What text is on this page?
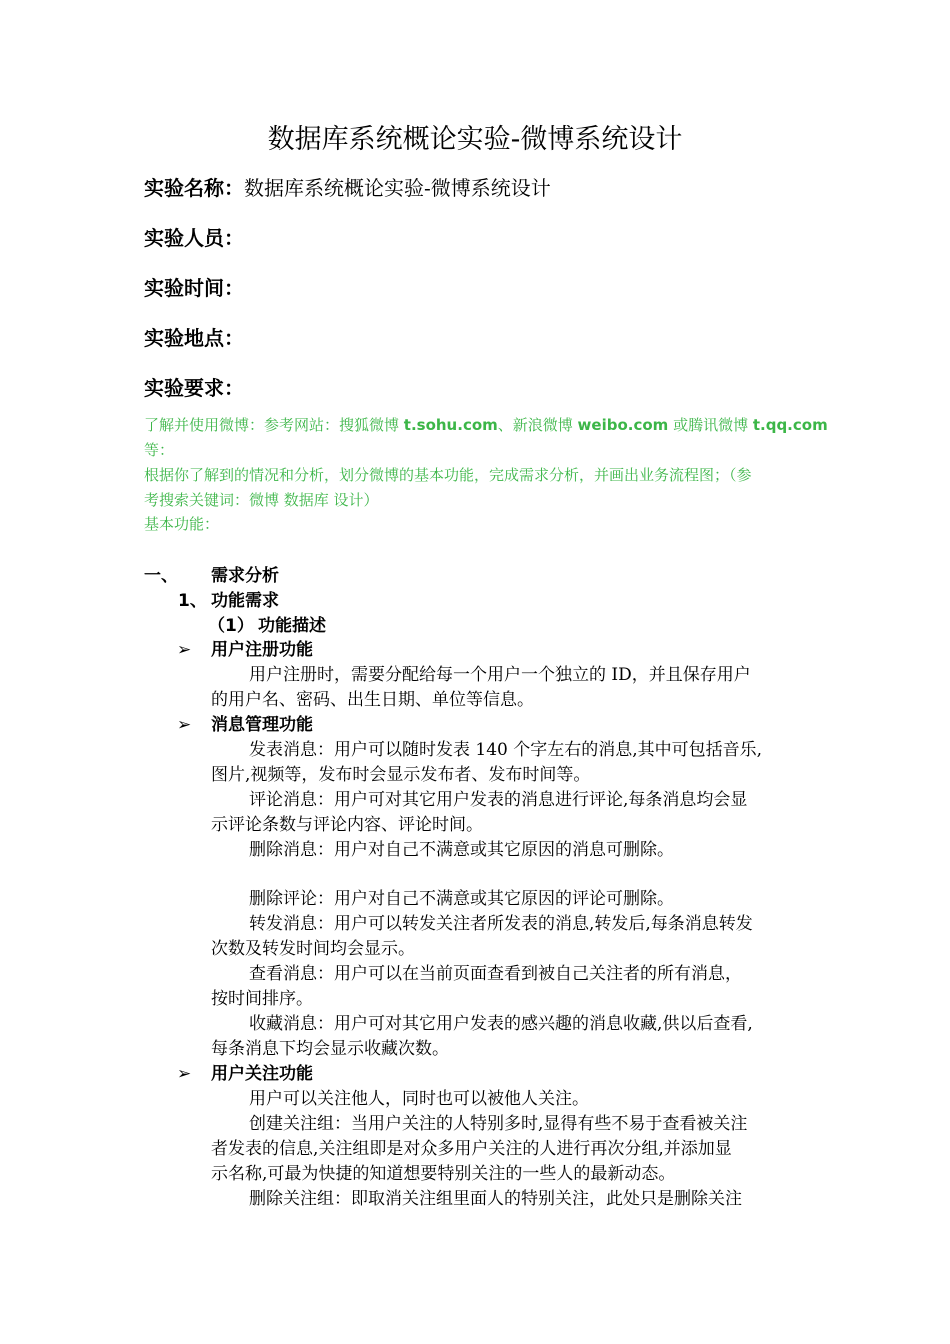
数据库系统概论实验-微博系统设计
实验名称：数据库系统概论实验-微博系统设计
实验人员：
实验时间：
实验地点：
实验要求：
了解并使用微博：参考网站：搜狐微博 t.sohu.com、新浪微博 weibo.com 或腾讯微博 t.qq.com
等：
根据你了解到的情况和分析，划分微博的基本功能，完成需求分析，并画出业务流程图；（参
考搜索关键词：微博 数据库 设计）
基本功能：
一、 需求分析
1、 功能需求
（1） 功能描述
➢ 用户注册功能
用户注册时，需要分配给每一个用户一个独立的 ID，并且保存用户
的用户名、密码、出生日期、单位等信息。
➢ 消息管理功能
发表消息：用户可以随时发表 140 个字左右的消息,其中可包括音乐,
图片,视频等，发布时会显示发布者、发布时间等。
评论消息：用户可对其它用户发表的消息进行评论,每条消息均会显
示评论条数与评论内容、评论时间。
删除消息：用户对自己不满意或其它原因的消息可删除。
删除评论：用户对自己不满意或其它原因的评论可删除。
转发消息：用户可以转发关注者所发表的消息,转发后,每条消息转发
次数及转发时间均会显示。
查看消息：用户可以在当前页面查看到被自己关注者的所有消息，
按时间排序。
收藏消息：用户可对其它用户发表的感兴趣的消息收藏,供以后查看,
每条消息下均会显示收藏次数。
➢ 用户关注功能
用户可以关注他人，同时也可以被他人关注。
创建关注组：当用户关注的人特别多时,显得有些不易于查看被关注
者发表的信息,关注组即是对众多用户关注的人进行再次分组,并添加显
示名称,可最为快捷的知道想要特别关注的一些人的最新动态。
删除关注组：即取消关注组里面人的特别关注，此处只是删除关注
